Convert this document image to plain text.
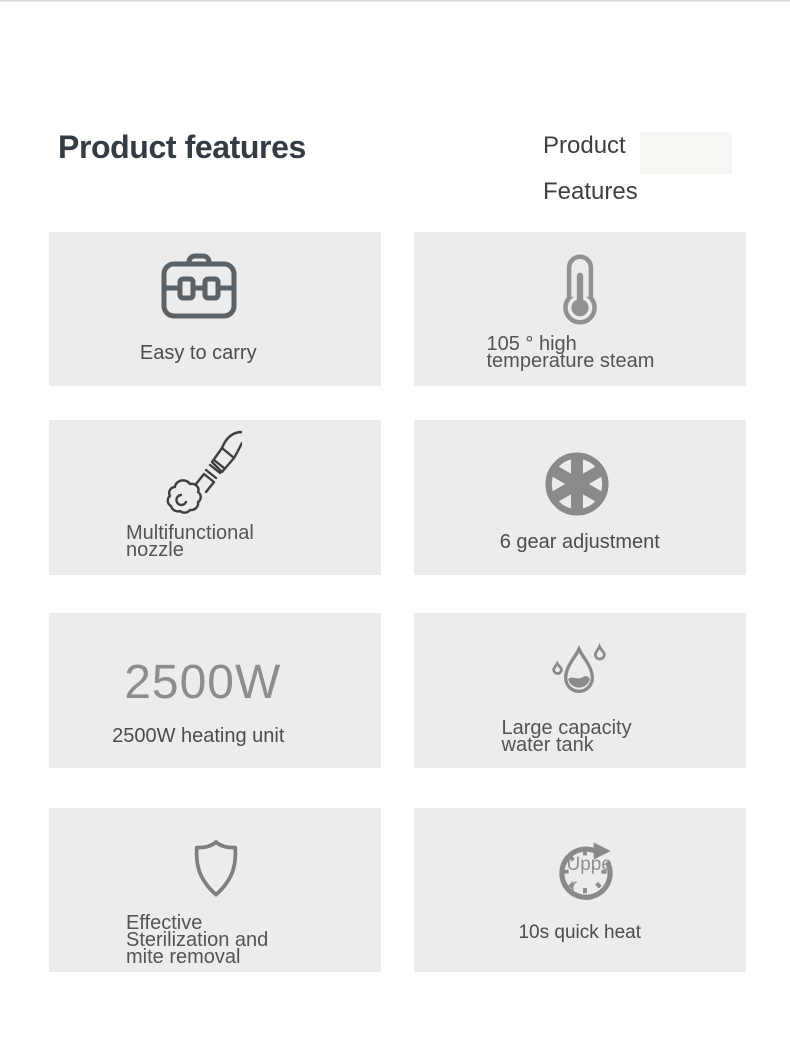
Product features	Product
Features
Easy to carry	105 ° high
temperature steam
Multifunctional
nozzle	6 gear adjustment
2500W
2500W heating unit	Large capacity
water tank
Effective
Sterilization and
mite removal
Uppe
r
10s quick heat
